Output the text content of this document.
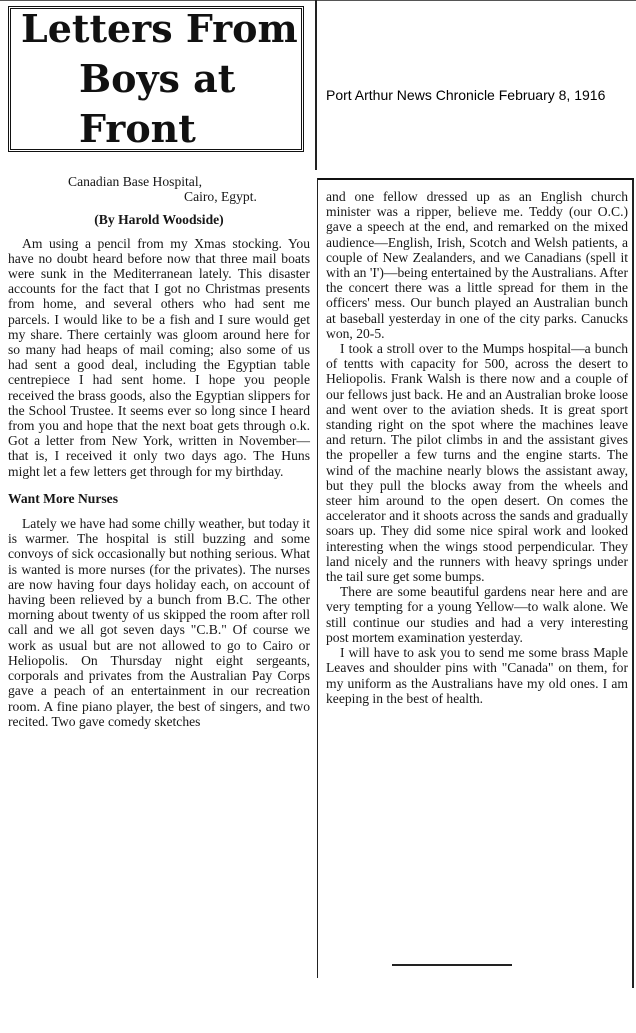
Letters From
Boys at Front
Port Arthur News Chronicle February 8, 1916

Canadian Base Hospital,

Cairo, Egypt.

(By Harold Woodside)

Am using a pencil from my Xmas stocking. You have no doubt heard before now that three mail boats were sunk in the Mediterranean lately. This disaster accounts for the fact that I got no Christmas presents from home, and several others who had sent me parcels. I would like to be a fish and I sure would get my share. There certainly was gloom around here for so many had heaps of mail coming; also some of us had sent a good deal, including the Egyptian table centrepiece I had sent home. I hope you people received the brass goods, also the Egyptian slippers for the School Trustee. It seems ever so long since I heard from you and hope that the next boat gets through o.k. Got a letter from New York, written in November—that is, I received it only two days ago. The Huns might let a few letters get through for my birthday.

Want More Nurses

Lately we have had some chilly weather, but today it is warmer. The hospital is still buzzing and some convoys of sick occasionally but nothing serious. What is wanted is more nurses (for the privates). The nurses are now having four days holiday each, on account of having been relieved by a bunch from B.C. The other morning about twenty of us skipped the room after roll call and we all got seven days "C.B." Of course we work as usual but are not allowed to go to Cairo or Heliopolis. On Thursday night eight sergeants, corporals and privates from the Australian Pay Corps gave a peach of an entertainment in our recreation room. A fine piano player, the best of singers, and two recited. Two gave comedy sketches

and one fellow dressed up as an English church minister was a ripper, believe me. Teddy (our O.C.) gave a speech at the end, and remarked on the mixed audience—English, Irish, Scotch and Welsh patients, a couple of New Zealanders, and we Canadians (spell it with an 'I')—being entertained by the Australians. After the concert there was a little spread for them in the officers' mess. Our bunch played an Australian bunch at baseball yesterday in one of the city parks. Canucks won, 20-5.

I took a stroll over to the Mumps hospital—a bunch of tentts with capacity for 500, across the desert to Heliopolis. Frank Walsh is there now and a couple of our fellows just back. He and an Australian broke loose and went over to the aviation sheds. It is great sport standing right on the spot where the machines leave and return. The pilot climbs in and the assistant gives the propeller a few turns and the engine starts. The wind of the machine nearly blows the assistant away, but they pull the blocks away from the wheels and steer him around to the open desert. On comes the accelerator and it shoots across the sands and gradually soars up. They did some nice spiral work and looked interesting when the wings stood perpendicular. They land nicely and the runners with heavy springs under the tail sure get some bumps.

There are some beautiful gardens near here and are very tempting for a young Yellow—to walk alone. We still continue our studies and had a very interesting post mortem examination yesterday.

I will have to ask you to send me some brass Maple Leaves and shoulder pins with "Canada" on them, for my uniform as the Australians have my old ones. I am keeping in the best of health.
